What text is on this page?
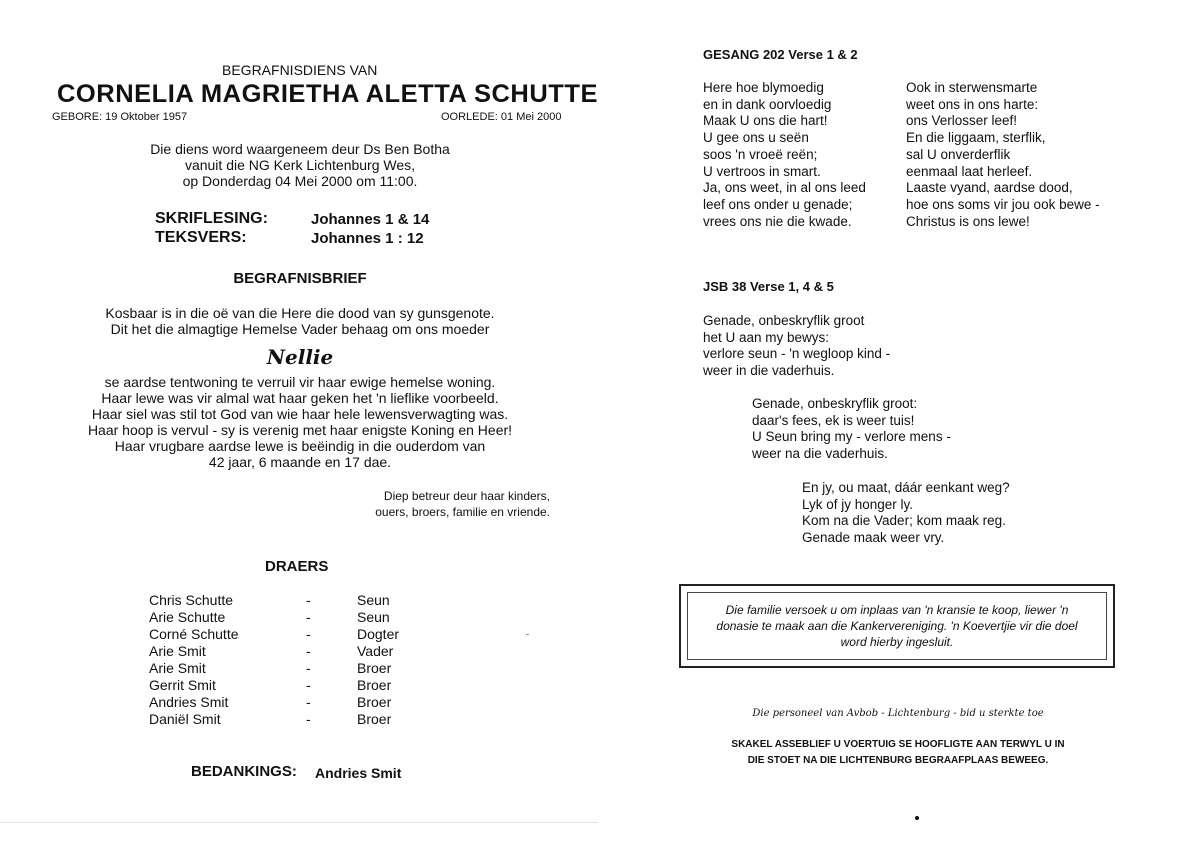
BEGRAFNISDIENS VAN
CORNELIA MAGRIETHA ALETTA SCHUTTE
GEBORE: 19 Oktober 1957	OORLEDE: 01 Mei 2000
Die diens word waargeneem deur Ds Ben Botha
vanuit die NG Kerk Lichtenburg Wes,
op Donderdag 04 Mei 2000 om 11:00.
SKRIFLESING:	Johannes 1 & 14
TEKSVERS:	Johannes 1 : 12
BEGRAFNISBRIEF
Kosbaar is in die oë van die Here die dood van sy gunsgenote.
Dit het die almagtige Hemelse Vader behaag om ons moeder
Nellie
se aardse tentwoning te verruil vir haar ewige hemelse woning.
Haar lewe was vir almal wat haar geken het 'n lieflike voorbeeld.
Haar siel was stil tot God van wie haar hele lewensverwagting was.
Haar hoop is vervul - sy is verenig met haar enigste Koning en Heer!
Haar vrugbare aardse lewe is beëindig in die ouderdom van
42 jaar, 6 maande en 17 dae.
Diep betreur deur haar kinders,
ouers, broers, familie en vriende.
DRAERS
Chris Schutte	-	Seun
Arie Schutte	-	Seun
Corné Schutte	-	Dogter
Arie Smit	-	Vader
Arie Smit	-	Broer
Gerrit Smit	-	Broer
Andries Smit	-	Broer
Daniël Smit	-	Broer
BEDANKINGS: Andries Smit
GESANG 202 Verse 1 & 2
Here hoe blymoedig
en in dank oorvloedig
Maak U ons die hart!
U gee ons u seën
soos 'n vroeë reën;
U vertroos in smart.
Ja, ons weet, in al ons leed
leef ons onder u genade;
vrees ons nie die kwade.
Ook in sterwensmarte
weet ons in ons harte:
ons Verlosser leef!
En die liggaam, sterflik,
sal U onverderflik
eenmaal laat herleef.
Laaste vyand, aardse dood,
hoe ons soms vir jou ook bewe -
Christus is ons lewe!
JSB 38 Verse 1, 4 & 5
Genade, onbeskryflik groot
het U aan my bewys:
verlore seun - 'n wegloop kind -
weer in die vaderhuis.
Genade, onbeskryflik groot:
daar's fees, ek is weer tuis!
U Seun bring my - verlore mens -
weer na die vaderhuis.
En jy, ou maat, dáár eenkant weg?
Lyk of jy honger ly.
Kom na die Vader; kom maak reg.
Genade maak weer vry.
Die familie versoek u om inplaas van 'n kransie te koop, liewer 'n donasie te maak aan die Kankervereniging. 'n Koevertjie vir die doel word hierby ingesluit.
Die personeel van Avbob - Lichtenburg - bid u sterkte toe
SKAKEL ASSEBLIEF U VOERTUIG SE HOOFLIGTE AAN TERWYL U IN
DIE STOET NA DIE LICHTENBURG BEGRAAFPLAAS BEWEEG.
